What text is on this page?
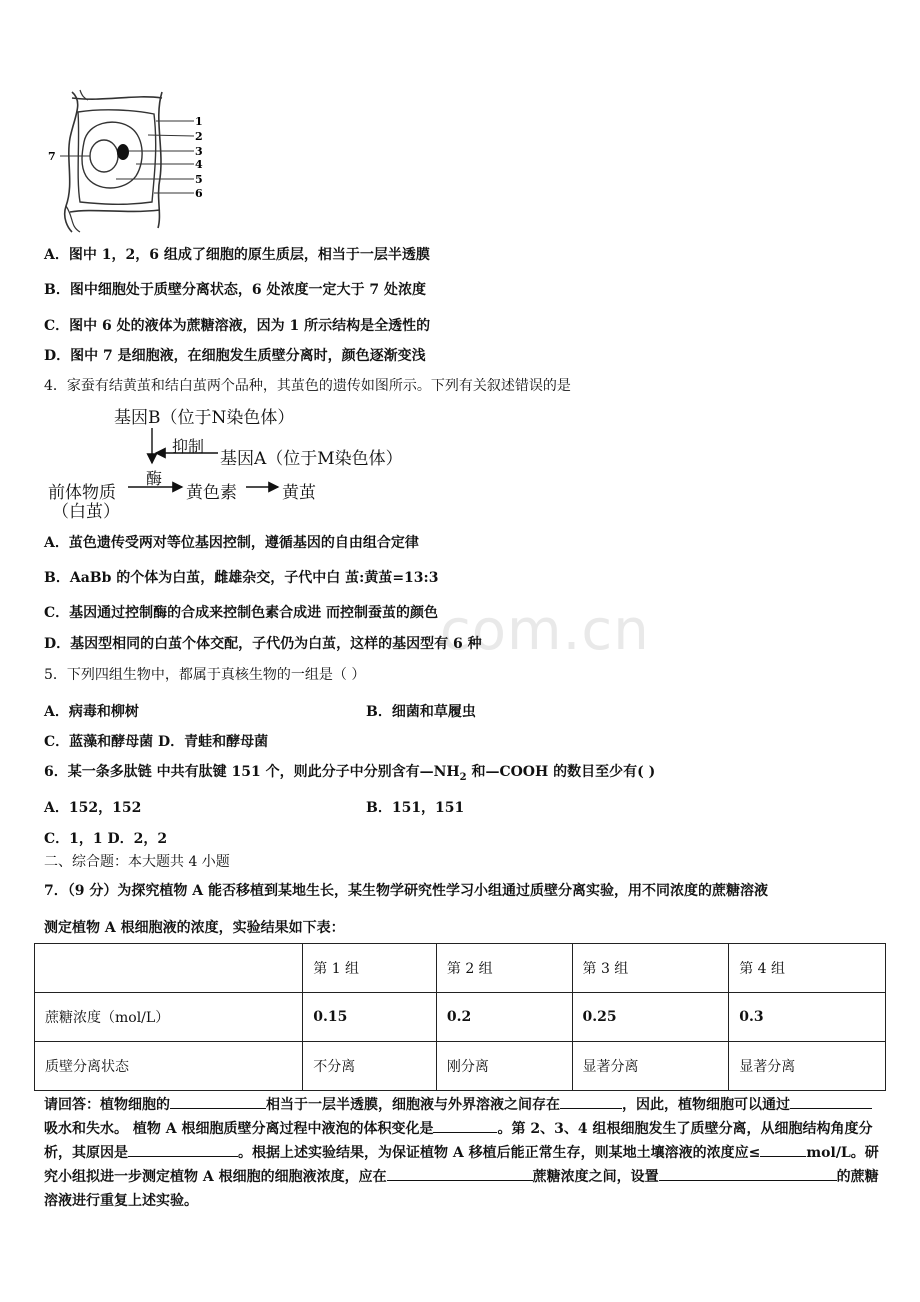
com.cn
1
2
3
4
5
6
7
A．图中 1，2，6 组成了细胞的原生质层，相当于一层半透膜
B．图中细胞处于质壁分离状态，6 处浓度一定大于 7 处浓度
C．图中 6 处的液体为蔗糖溶液，因为 1 所示结构是全透性的
D．图中 7 是细胞液，在细胞发生质壁分离时，颜色逐渐变浅
4．家蚕有结黄茧和结白茧两个品种，其茧色的遗传如图所示。下列有关叙述错误的是
基因B（位于N染色体）
抑制
基因A（位于M染色体）
酶
前体物质
（白茧）
黄色素	黄茧
A．茧色遗传受两对等位基因控制，遵循基因的自由组合定律
B．AaBb 的个体为白茧，雌雄杂交，子代中白 茧:黄茧=13:3
C．基因通过控制酶的合成来控制色素合成进 而控制蚕茧的颜色
D．基因型相同的白茧个体交配，子代仍为白茧，这样的基因型有 6 种
5．下列四组生物中，都属于真核生物的一组是（ ）
A．病毒和柳树	B．细菌和草履虫
C．蓝藻和酵母菌 D．青蛙和酵母菌
6．某一条多肽链 中共有肽键 151 个，则此分子中分别含有$—NH_2$ 和—COOH 的数目至少有( )
A．152，152	B．151，151
C．1，1 D．2，2
二、综合题：本大题共 4 小题
7．（9 分）为探究植物 A 能否移植到某地生长，某生物学研究性学习小组通过质壁分离实验，用不同浓度的蔗糖溶液
测定植物 A 根细胞液的浓度，实验结果如下表：
	第 1 组	第 2 组	第 3 组	第 4 组
蔗糖浓度（mol/L）	0.15	0.2	0.25	0.3
质壁分离状态	不分离	刚分离	显著分离	显著分离
请回答：植物细胞的	相当于一层半透膜，细胞液与外界溶液之间存在	，因此，植物细胞可以通过吸水和失水。 植物 A 根细胞质壁分离过程中液泡的体积变化是	。第 2、3、4 组根细胞发生了质壁分离，从细胞结构角度分析，其原因是	。根据上述实验结果，为保证植物 A 移植后能正常生存，则某地土壤溶液的浓度应≤	mol/L。研究小组拟进一步测定植物 A 根细胞的细胞液浓度，应在	蔗糖浓度之间，设置	的蔗糖溶液进行重复上述实验。
